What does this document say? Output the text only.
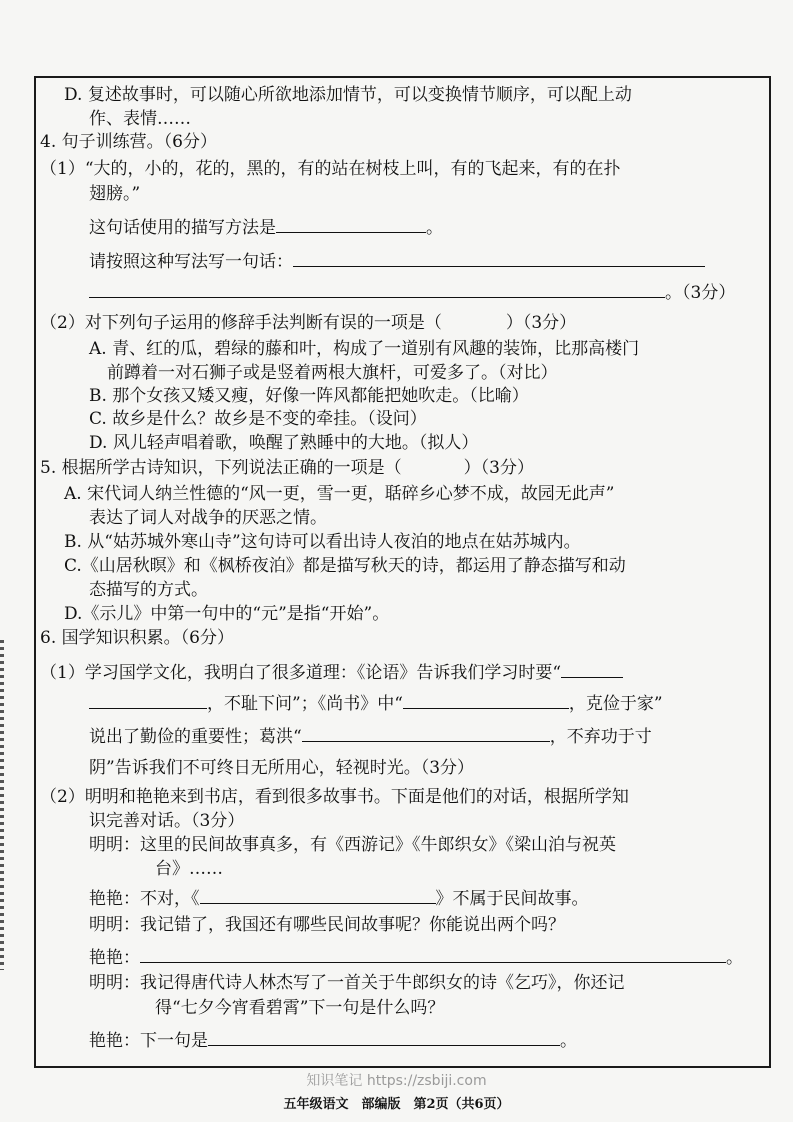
D. 复述故事时，可以随心所欲地添加情节，可以变换情节顺序，可以配上动
作、表情……
4. 句子训练营。（6分）
（1）“大的，小的，花的，黑的，有的站在树枝上叫，有的飞起来，有的在扑
翅膀。”
这句话使用的描写方法是	。
请按照这种写法写一句话：
。（3分）
（2）对下列句子运用的修辞手法判断有误的一项是（	）（3分）
A. 青、红的瓜，碧绿的藤和叶，构成了一道别有风趣的装饰，比那高楼门
前蹲着一对石狮子或是竖着两根大旗杆，可爱多了。（对比）
B. 那个女孩又矮又瘦，好像一阵风都能把她吹走。（比喻）
C. 故乡是什么？故乡是不变的牵挂。（设问）
D. 风儿轻声唱着歌，唤醒了熟睡中的大地。（拟人）
5. 根据所学古诗知识，下列说法正确的一项是（	）（3分）
A. 宋代词人纳兰性德的“风一更，雪一更，聒碎乡心梦不成，故园无此声”
表达了词人对战争的厌恶之情。
B. 从“姑苏城外寒山寺”这句诗可以看出诗人夜泊的地点在姑苏城内。
C.《山居秋暝》和《枫桥夜泊》都是描写秋天的诗，都运用了静态描写和动
态描写的方式。
D.《示儿》中第一句中的“元”是指“开始”。
6. 国学知识积累。（6分）
（1）学习国学文化，我明白了很多道理：《论语》告诉我们学习时要“
，不耻下问”；《尚书》中“	，克俭于家”
说出了勤俭的重要性；葛洪“	，不弃功于寸
阴”告诉我们不可终日无所用心，轻视时光。（3分）
（2）明明和艳艳来到书店，看到很多故事书。下面是他们的对话，根据所学知
识完善对话。（3分）
明明：这里的民间故事真多，有《西游记》《牛郎织女》《梁山泊与祝英
台》……
艳艳：不对，《	》不属于民间故事。
明明：我记错了，我国还有哪些民间故事呢？你能说出两个吗？
艳艳：	。
明明：我记得唐代诗人林杰写了一首关于牛郎织女的诗《乞巧》，你还记
得“七夕今宵看碧霄”下一句是什么吗？
艳艳：下一句是	。
知识笔记 https://zsbiji.com
五年级语文　部编版　第2页（共6页）
